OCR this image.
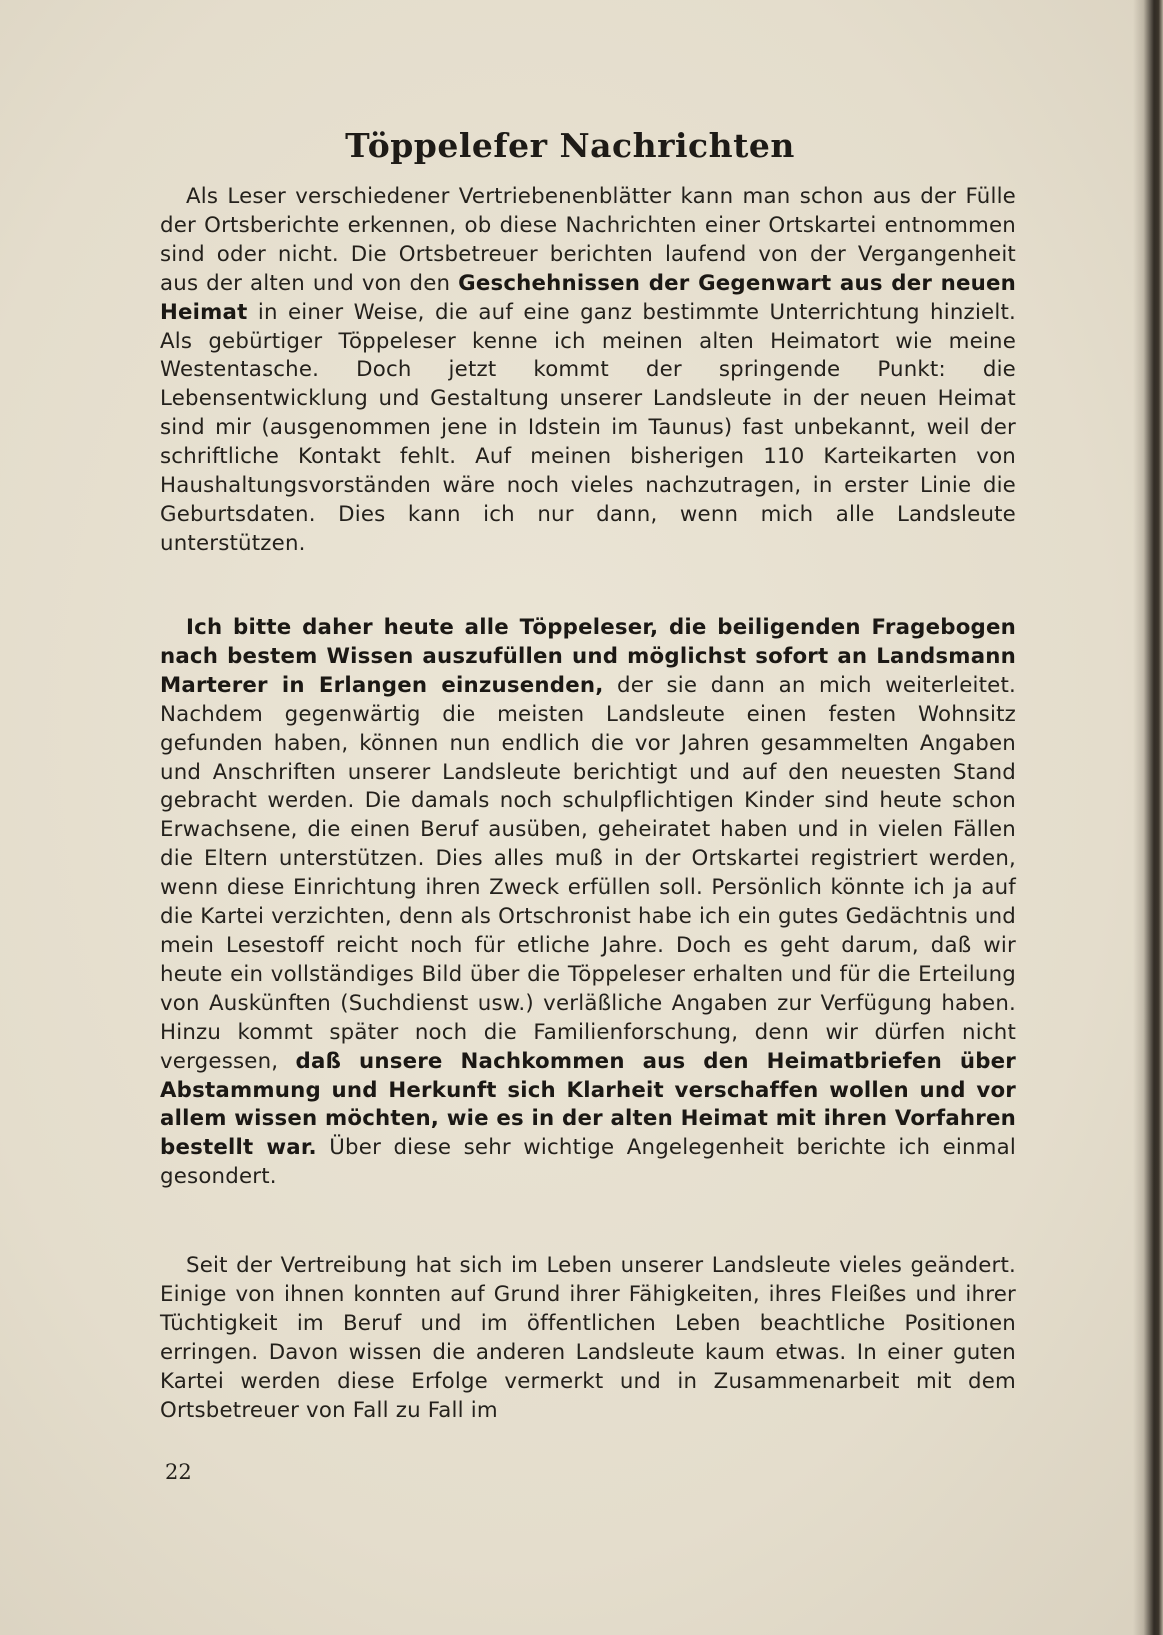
Töppelefer Nachrichten

Als Leser verschiedener Vertriebenenblätter kann man schon aus der Fülle der Ortsberichte erkennen, ob diese Nachrichten einer Ortskartei entnommen sind oder nicht. Die Ortsbetreuer berichten laufend von der Vergangenheit aus der alten und von den Geschehnissen der Gegenwart aus der neuen Heimat in einer Weise, die auf eine ganz bestimmte Unterrichtung hinzielt. Als gebürtiger Töppeleser kenne ich meinen alten Heimatort wie meine Westentasche. Doch jetzt kommt der springende Punkt: die Lebensentwicklung und Gestaltung unserer Landsleute in der neuen Heimat sind mir (ausgenommen jene in Idstein im Taunus) fast unbekannt, weil der schriftliche Kontakt fehlt. Auf meinen bisherigen 110 Karteikarten von Haushaltungsvorständen wäre noch vieles nachzutragen, in erster Linie die Geburtsdaten. Dies kann ich nur dann, wenn mich alle Landsleute unterstützen.

Ich bitte daher heute alle Töppeleser, die beiligenden Fragebogen nach bestem Wissen auszufüllen und möglichst sofort an Landsmann Marterer in Erlangen einzusenden, der sie dann an mich weiterleitet. Nachdem gegenwärtig die meisten Landsleute einen festen Wohnsitz gefunden haben, können nun endlich die vor Jahren gesammelten Angaben und Anschriften unserer Landsleute berichtigt und auf den neuesten Stand gebracht werden. Die damals noch schulpflichtigen Kinder sind heute schon Erwachsene, die einen Beruf ausüben, geheiratet haben und in vielen Fällen die Eltern unterstützen. Dies alles muß in der Ortskartei registriert werden, wenn diese Einrichtung ihren Zweck erfüllen soll. Persönlich könnte ich ja auf die Kartei verzichten, denn als Ortschronist habe ich ein gutes Gedächtnis und mein Lesestoff reicht noch für etliche Jahre. Doch es geht darum, daß wir heute ein vollständiges Bild über die Töppeleser erhalten und für die Erteilung von Auskünften (Suchdienst usw.) verläßliche Angaben zur Verfügung haben. Hinzu kommt später noch die Familienforschung, denn wir dürfen nicht vergessen, daß unsere Nachkommen aus den Heimatbriefen über Abstammung und Herkunft sich Klarheit verschaffen wollen und vor allem wissen möchten, wie es in der alten Heimat mit ihren Vorfahren bestellt war. Über diese sehr wichtige Angelegenheit berichte ich einmal gesondert.

Seit der Vertreibung hat sich im Leben unserer Landsleute vieles geändert. Einige von ihnen konnten auf Grund ihrer Fähigkeiten, ihres Fleißes und ihrer Tüchtigkeit im Beruf und im öffentlichen Leben beachtliche Positionen erringen. Davon wissen die anderen Landsleute kaum etwas. In einer guten Kartei werden diese Erfolge vermerkt und in Zusammenarbeit mit dem Ortsbetreuer von Fall zu Fall im

22
